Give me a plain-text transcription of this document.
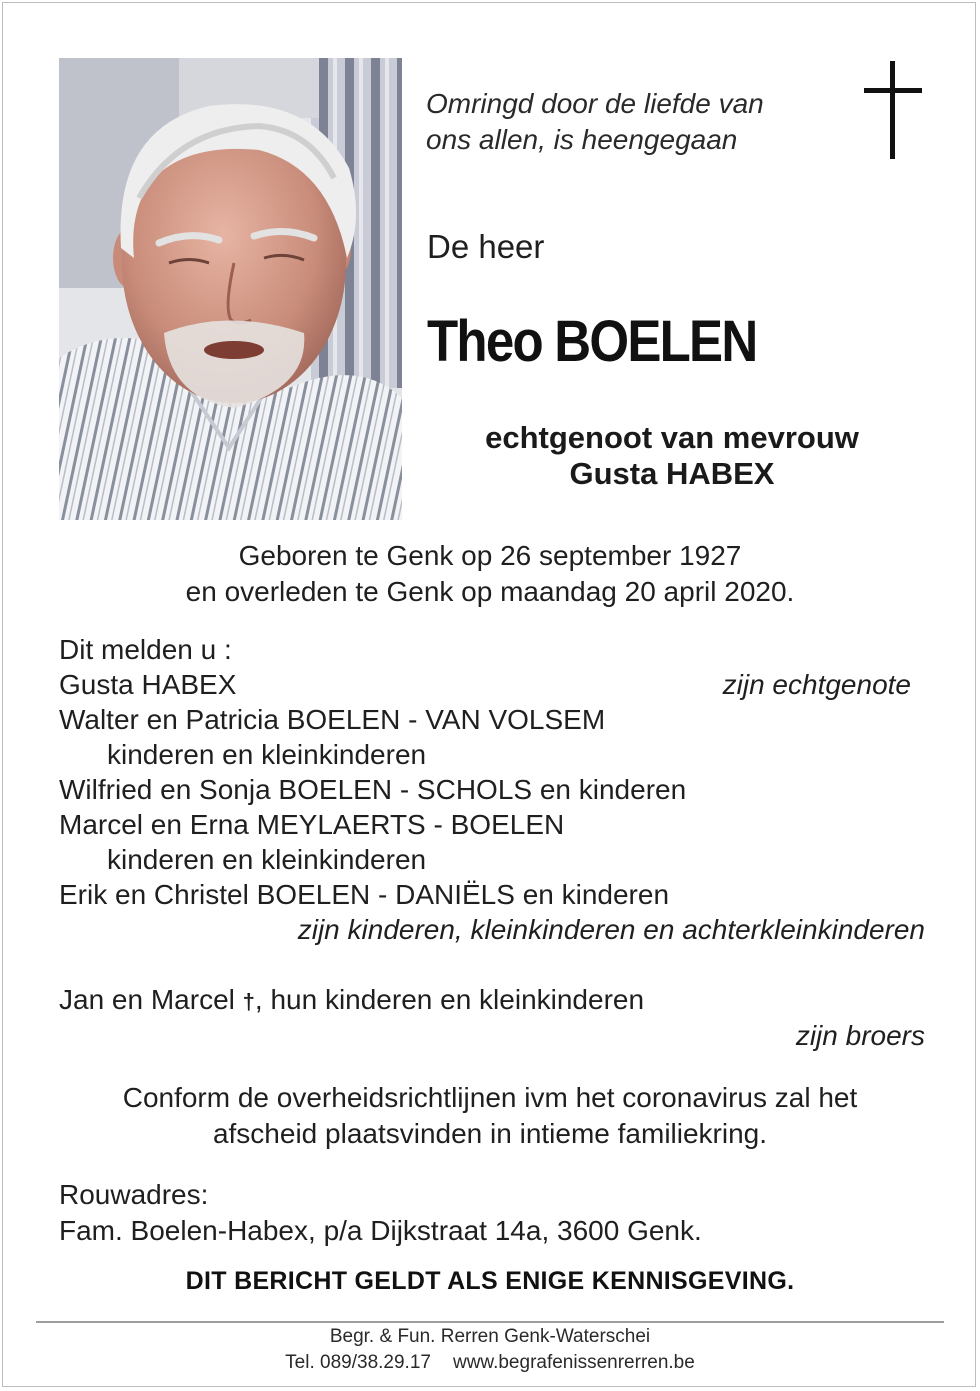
Omringd door de liefde van
ons allen, is heengegaan
De heer
Theo BOELEN
echtgenoot van mevrouw
Gusta HABEX
Geboren te Genk op 26 september 1927
en overleden te Genk op maandag 20 april 2020.
Dit melden u :
Gusta HABEX	zijn echtgenote
Walter en Patricia BOELEN - VAN VOLSEM
kinderen en kleinkinderen
Wilfried en Sonja BOELEN - SCHOLS en kinderen
Marcel en Erna MEYLAERTS - BOELEN
kinderen en kleinkinderen
Erik en Christel BOELEN - DANIËLS en kinderen
zijn kinderen, kleinkinderen en achterkleinkinderen
Jan en Marcel †, hun kinderen en kleinkinderen
zijn broers
Conform de overheidsrichtlijnen ivm het coronavirus zal het
afscheid plaatsvinden in intieme familiekring.
Rouwadres:
Fam. Boelen-Habex, p/a Dijkstraat 14a, 3600 Genk.
DIT BERICHT GELDT ALS ENIGE KENNISGEVING.
Begr. & Fun. Rerren Genk-Waterschei
Tel. 089/38.29.17 www.begrafenissenrerren.be
